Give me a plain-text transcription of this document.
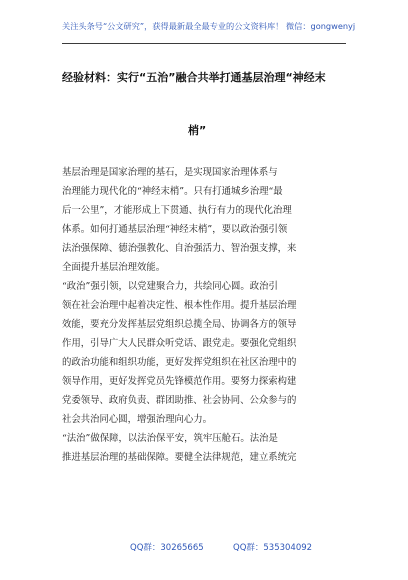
关注头条号“公文研究”，获得最新最全最专业的公文资料库！ 微信：gongwenyj
经验材料：实行“五治”融合共举打通基层治理“神经末
梢”
基层治理是国家治理的基石，是实现国家治理体系与
治理能力现代化的“神经末梢”。只有打通城乡治理“最
后一公里”，才能形成上下贯通、执行有力的现代化治理
体系。如何打通基层治理“神经末梢”，要以政治强引领
法治强保障、德治强教化、自治强活力、智治强支撑，来
全面提升基层治理效能。
“政治”强引领，以党建聚合力，共绘同心圆。政治引
领在社会治理中起着决定性、根本性作用。提升基层治理
效能，要充分发挥基层党组织总揽全局、协调各方的领导
作用，引导广大人民群众听党话、跟党走。要强化党组织
的政治功能和组织功能，更好发挥党组织在社区治理中的
领导作用，更好发挥党员先锋模范作用。要努力探索构建
党委领导、政府负责、群团助推、社会协同、公众参与的
社会共治同心圆，增强治理向心力。
“法治”做保障，以法治保平安，筑牢压舱石。法治是
推进基层治理的基础保障。要健全法律规范，建立系统完
QQ群：30265665	QQ群：535304092
